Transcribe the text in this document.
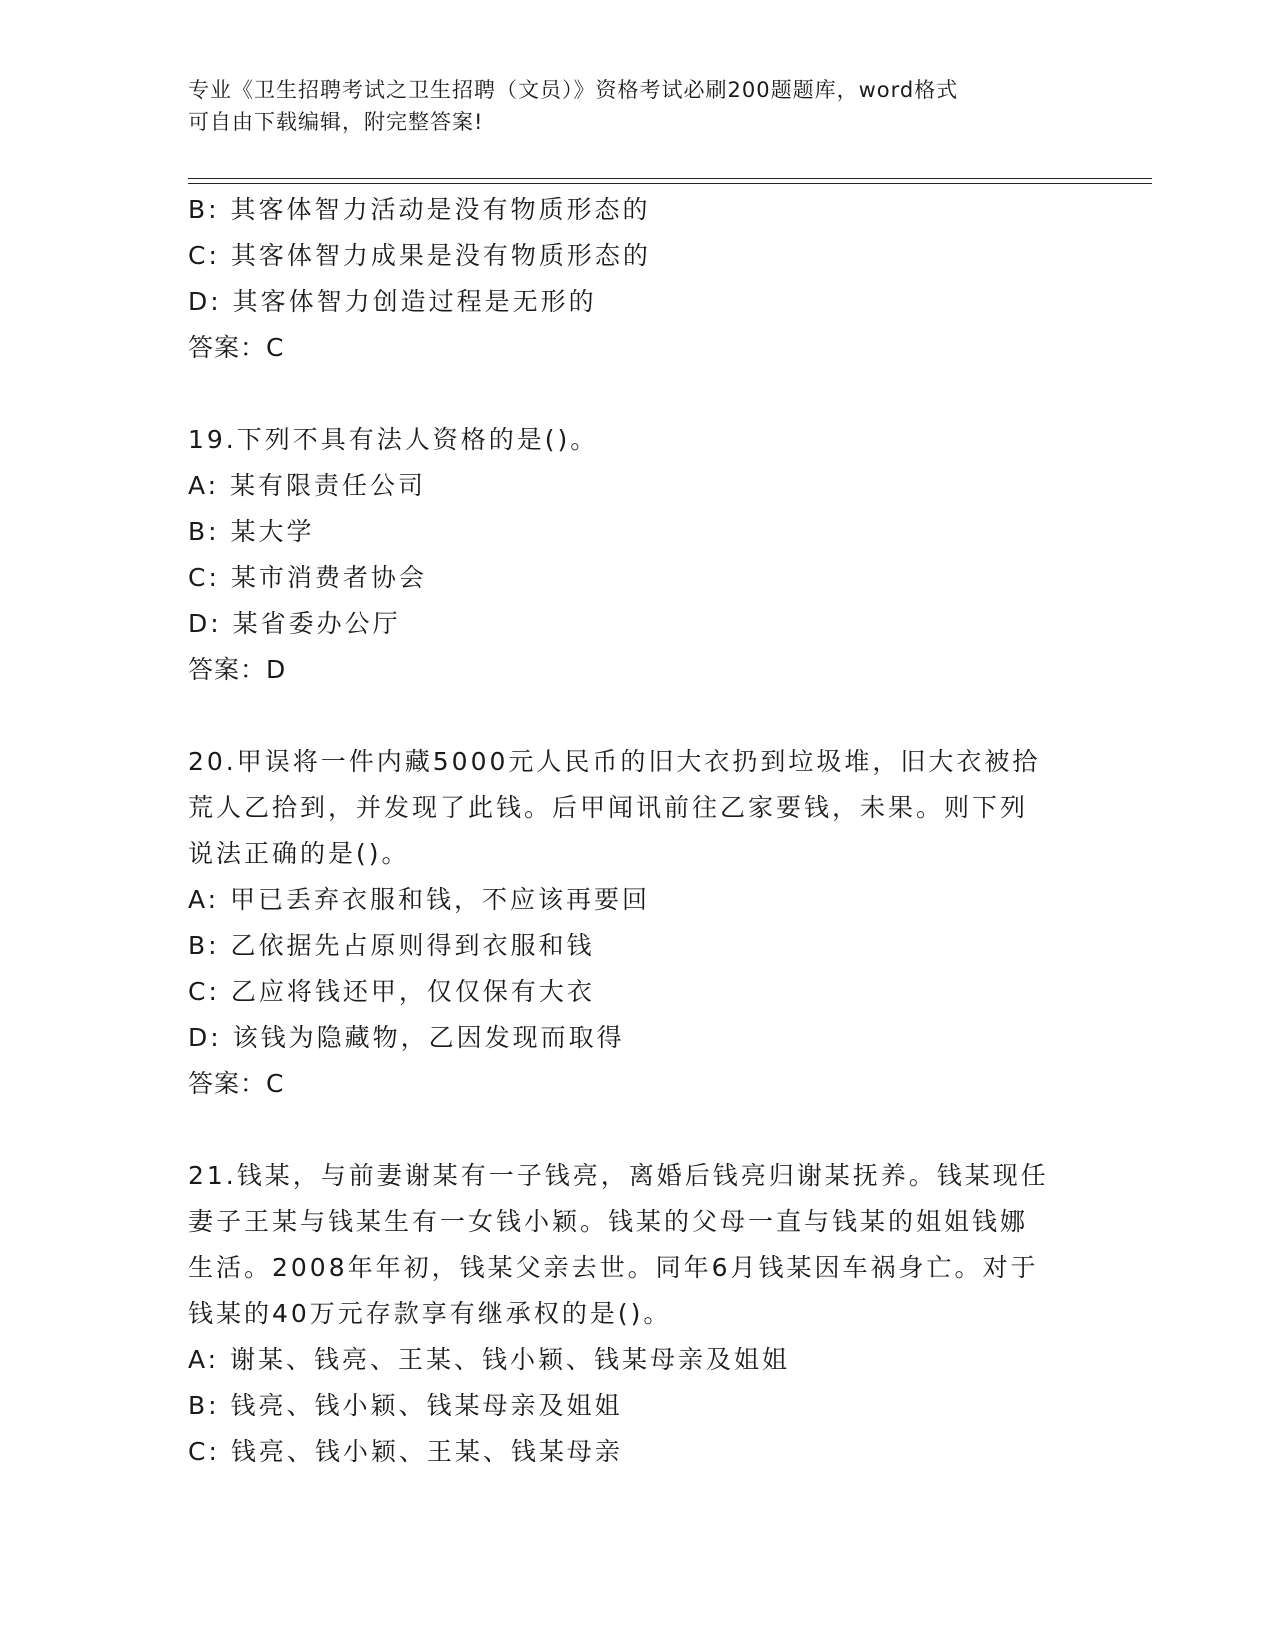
专业《卫生招聘考试之卫生招聘（文员）》资格考试必刷200题题库，word格式
可自由下载编辑，附完整答案!
B: 其客体智力活动是没有物质形态的
C: 其客体智力成果是没有物质形态的
D: 其客体智力创造过程是无形的
答案：C
19.下列不具有法人资格的是()。
A: 某有限责任公司
B: 某大学
C: 某市消费者协会
D: 某省委办公厅
答案：D
20.甲误将一件内藏5000元人民币的旧大衣扔到垃圾堆，旧大衣被拾
荒人乙拾到，并发现了此钱。后甲闻讯前往乙家要钱，未果。则下列
说法正确的是()。
A: 甲已丢弃衣服和钱，不应该再要回
B: 乙依据先占原则得到衣服和钱
C: 乙应将钱还甲，仅仅保有大衣
D: 该钱为隐藏物，乙因发现而取得
答案：C
21.钱某，与前妻谢某有一子钱亮，离婚后钱亮归谢某抚养。钱某现任
妻子王某与钱某生有一女钱小颖。钱某的父母一直与钱某的姐姐钱娜
生活。2008年年初，钱某父亲去世。同年6月钱某因车祸身亡。对于
钱某的40万元存款享有继承权的是()。
A: 谢某、钱亮、王某、钱小颖、钱某母亲及姐姐
B: 钱亮、钱小颖、钱某母亲及姐姐
C: 钱亮、钱小颖、王某、钱某母亲
